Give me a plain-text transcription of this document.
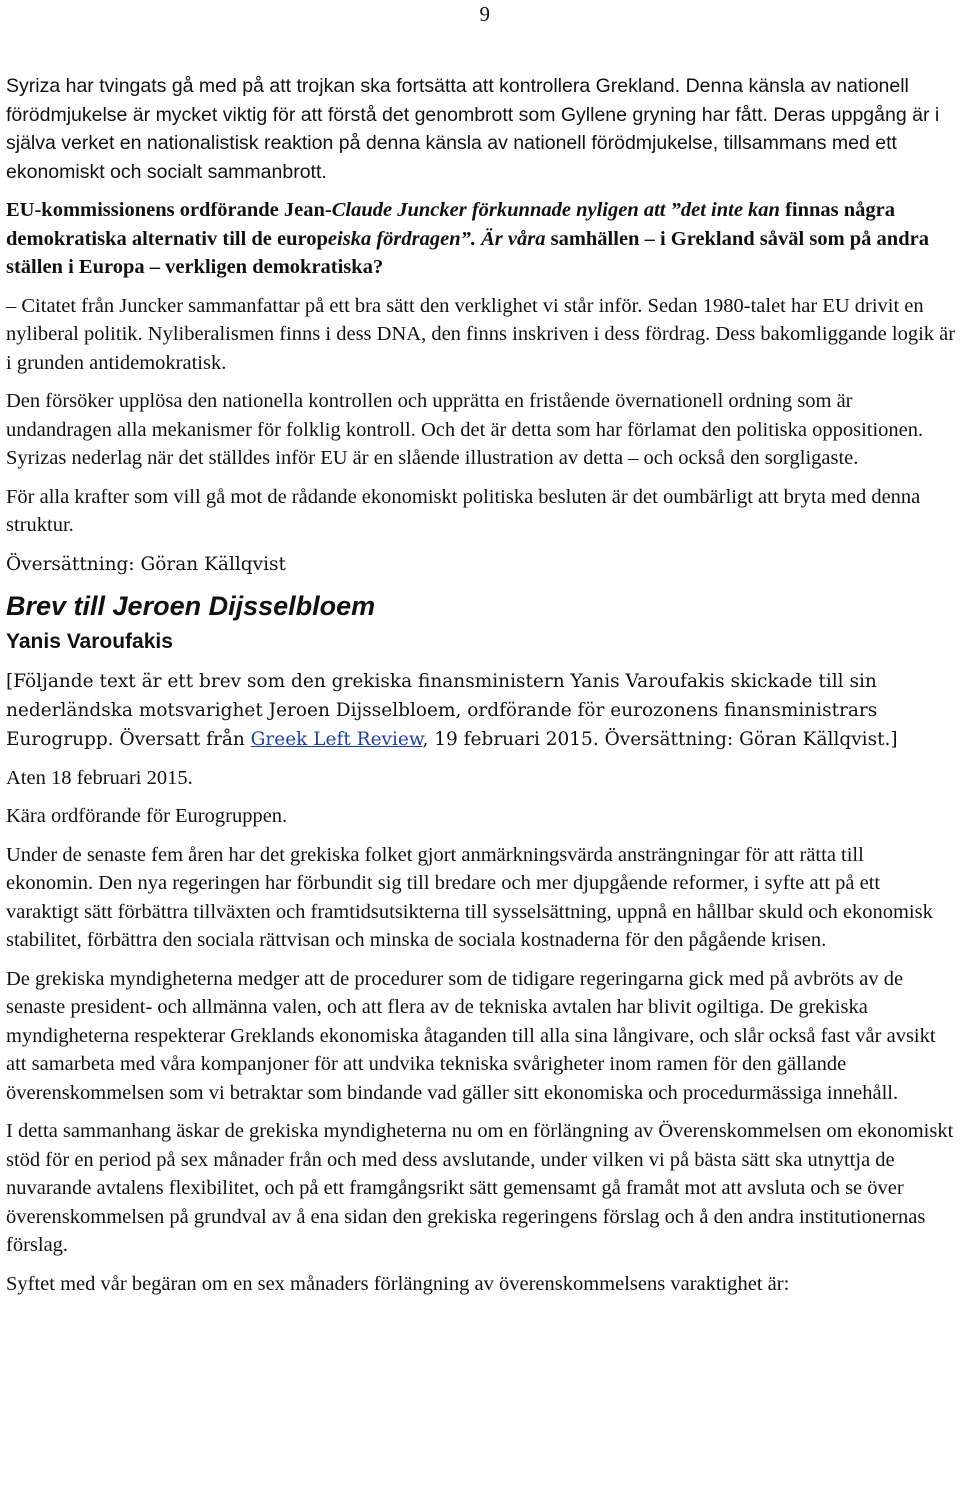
9

Syriza har tvingats gå med på att trojkan ska fortsätta att kontrollera Grekland. Denna känsla av nationell förödmjukelse är mycket viktig för att förstå det genombrott som Gyllene gryning har fått. Deras uppgång är i själva verket en nationalistisk reaktion på denna känsla av nationell förödmjukelse, tillsammans med ett ekonomiskt och socialt sammanbrott.

EU-kommissionens ordförande Jean-Claude Juncker förkunnade nyligen att ”det inte kan finnas några demokratiska alternativ till de europeiska fördragen”. Är våra samhällen – i Grekland såväl som på andra ställen i Europa – verkligen demokratiska?

– Citatet från Juncker sammanfattar på ett bra sätt den verklighet vi står inför. Sedan 1980-talet har EU drivit en nyliberal politik. Nyliberalismen finns i dess DNA, den finns inskriven i dess fördrag. Dess bakomliggande logik är i grunden antidemokratisk.

Den försöker upplösa den nationella kontrollen och upprätta en fristående övernationell ordning som är undandragen alla mekanismer för folklig kontroll. Och det är detta som har förlamat den politiska oppositionen. Syrizas nederlag när det ställdes inför EU är en slående illustration av detta – och också den sorgligaste.

För alla krafter som vill gå mot de rådande ekonomiskt politiska besluten är det oumbärligt att bryta med denna struktur.

Översättning: Göran Källqvist

Brev till Jeroen Dijsselbloem
Yanis Varoufakis

[Följande text är ett brev som den grekiska finansministern Yanis Varoufakis skickade till sin nederländska motsvarighet Jeroen Dijsselbloem, ordförande för eurozonens finansministrars Eurogrupp. Översatt från Greek Left Review, 19 februari 2015. Översättning: Göran Källqvist.]

Aten 18 februari 2015.

Kära ordförande för Eurogruppen.

Under de senaste fem åren har det grekiska folket gjort anmärkningsvärda ansträngningar för att rätta till ekonomin. Den nya regeringen har förbundit sig till bredare och mer djupgående reformer, i syfte att på ett varaktigt sätt förbättra tillväxten och framtidsutsikterna till sysselsättning, uppnå en hållbar skuld och ekonomisk stabilitet, förbättra den sociala rättvisan och minska de sociala kostnaderna för den pågående krisen.

De grekiska myndigheterna medger att de procedurer som de tidigare regeringarna gick med på avbröts av de senaste president- och allmänna valen, och att flera av de tekniska avtalen har blivit ogiltiga. De grekiska myndigheterna respekterar Greklands ekonomiska åtaganden till alla sina långivare, och slår också fast vår avsikt att samarbeta med våra kompanjoner för att undvika tekniska svårigheter inom ramen för den gällande överenskommelsen som vi betraktar som bindande vad gäller sitt ekonomiska och procedurmässiga innehåll.

I detta sammanhang äskar de grekiska myndigheterna nu om en förlängning av Överenskommelsen om ekonomiskt stöd för en period på sex månader från och med dess avslutande, under vilken vi på bästa sätt ska utnyttja de nuvarande avtalens flexibilitet, och på ett framgångsrikt sätt gemensamt gå framåt mot att avsluta och se över överenskommelsen på grundval av å ena sidan den grekiska regeringens förslag och å den andra institutionernas förslag.

Syftet med vår begäran om en sex månaders förlängning av överenskommelsens varaktighet är:
